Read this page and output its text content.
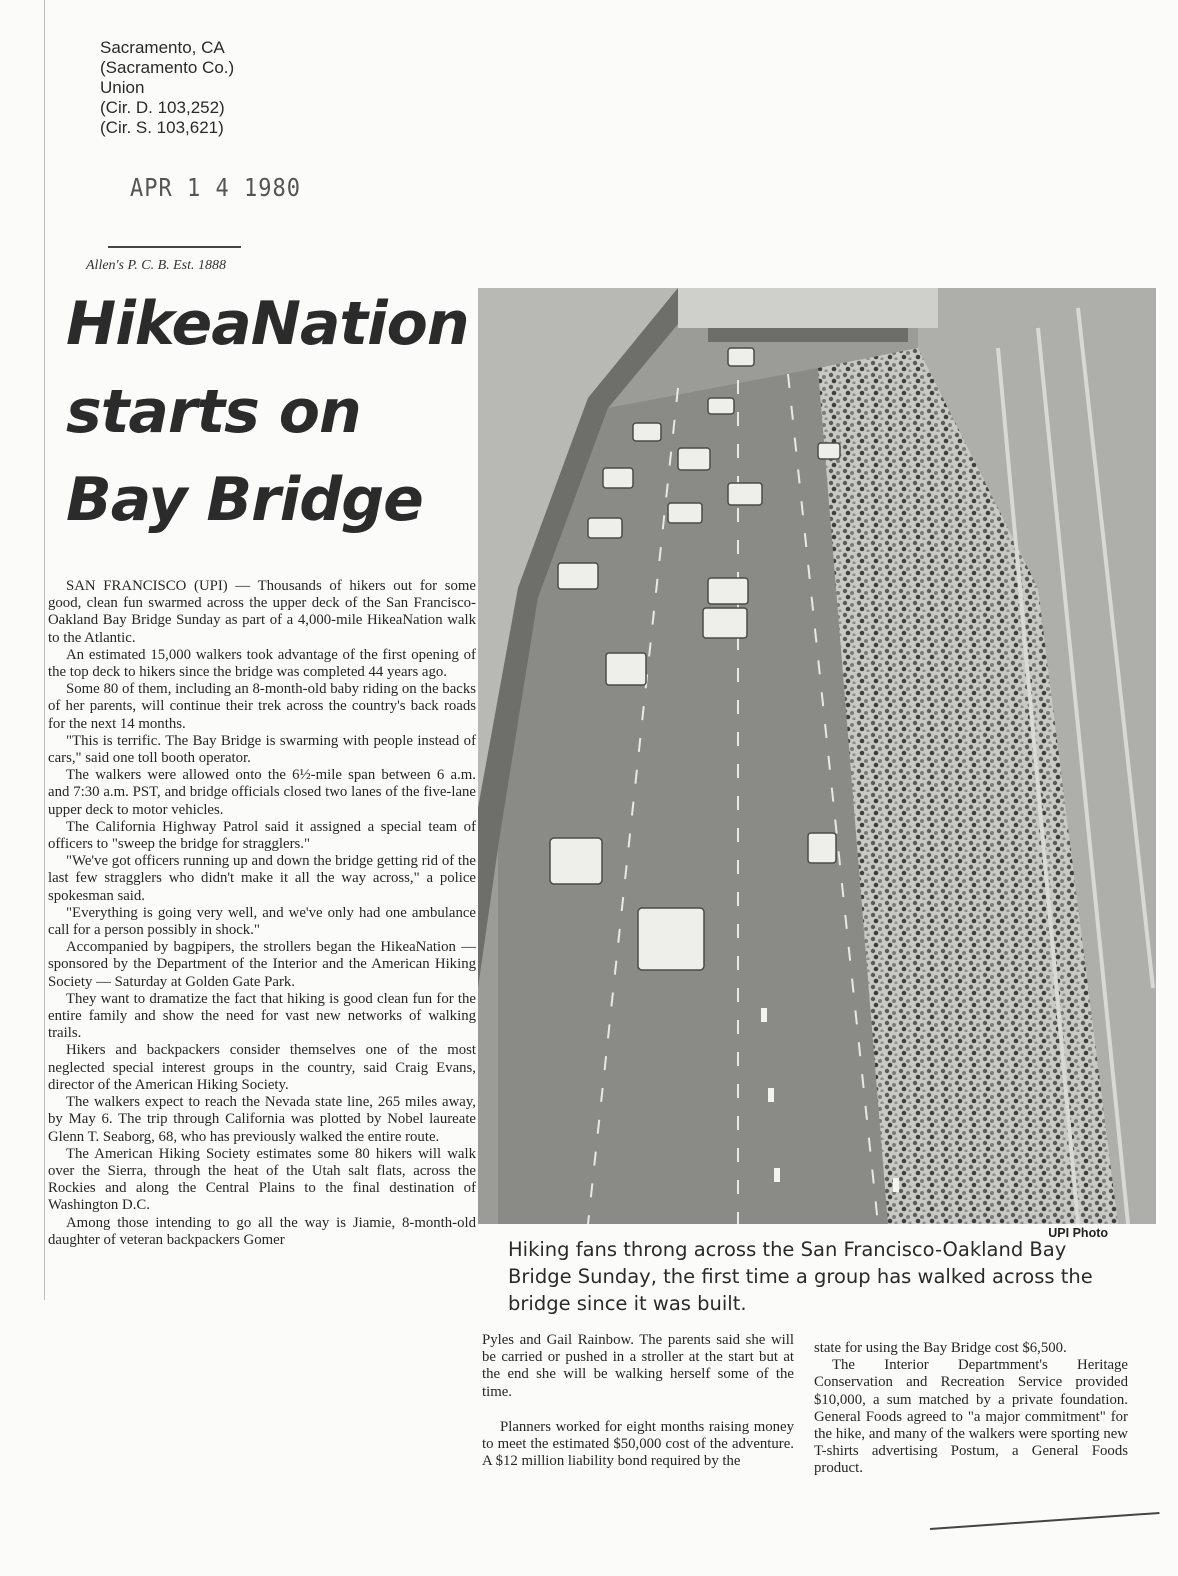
Sacramento, CA
(Sacramento Co.)
Union
(Cir. D. 103,252)
(Cir. S. 103,621)
APR 1 4 1980
Allen's P. C. B. Est. 1888
HikeaNation
starts on
Bay Bridge

SAN FRANCISCO (UPI) — Thousands of hikers out for some good, clean fun swarmed across the upper deck of the San Francisco-Oakland Bay Bridge Sunday as part of a 4,000-mile HikeaNation walk to the Atlantic.

An estimated 15,000 walkers took advantage of the first opening of the top deck to hikers since the bridge was completed 44 years ago.

Some 80 of them, including an 8-month-old baby riding on the backs of her parents, will continue their trek across the country's back roads for the next 14 months.

"This is terrific. The Bay Bridge is swarming with people instead of cars," said one toll booth operator.

The walkers were allowed onto the 6½-mile span between 6 a.m. and 7:30 a.m. PST, and bridge officials closed two lanes of the five-lane upper deck to motor vehicles.

The California Highway Patrol said it assigned a special team of officers to "sweep the bridge for stragglers."

"We've got officers running up and down the bridge getting rid of the last few stragglers who didn't make it all the way across," a police spokesman said.

"Everything is going very well, and we've only had one ambulance call for a person possibly in shock."

Accompanied by bagpipers, the strollers began the HikeaNation — sponsored by the Department of the Interior and the American Hiking Society — Saturday at Golden Gate Park.

They want to dramatize the fact that hiking is good clean fun for the entire family and show the need for vast new networks of walking trails.

Hikers and backpackers consider themselves one of the most neglected special interest groups in the country, said Craig Evans, director of the American Hiking Society.

The walkers expect to reach the Nevada state line, 265 miles away, by May 6. The trip through California was plotted by Nobel laureate Glenn T. Seaborg, 68, who has previously walked the entire route.

The American Hiking Society estimates some 80 hikers will walk over the Sierra, through the heat of the Utah salt flats, across the Rockies and along the Central Plains to the final destination of Washington D.C.

Among those intending to go all the way is Jiamie, 8-month-old daughter of veteran backpackers Gomer	UPI Photo
Hiking fans throng across the San Francisco-Oakland Bay Bridge Sunday, the first time a group has walked across the bridge since it was built.

Pyles and Gail Rainbow. The parents said she will be carried or pushed in a stroller at the start but at the end she will be walking herself some of the time.

Planners worked for eight months raising money to meet the estimated $50,000 cost of the adventure. A $12 million liability bond required by the

state for using the Bay Bridge cost $6,500.

The Interior Departmment's Heritage Conservation and Recreation Service provided $10,000, a sum matched by a private foundation. General Foods agreed to "a major commitment" for the hike, and many of the walkers were sporting new T-shirts advertising Postum, a General Foods product.
